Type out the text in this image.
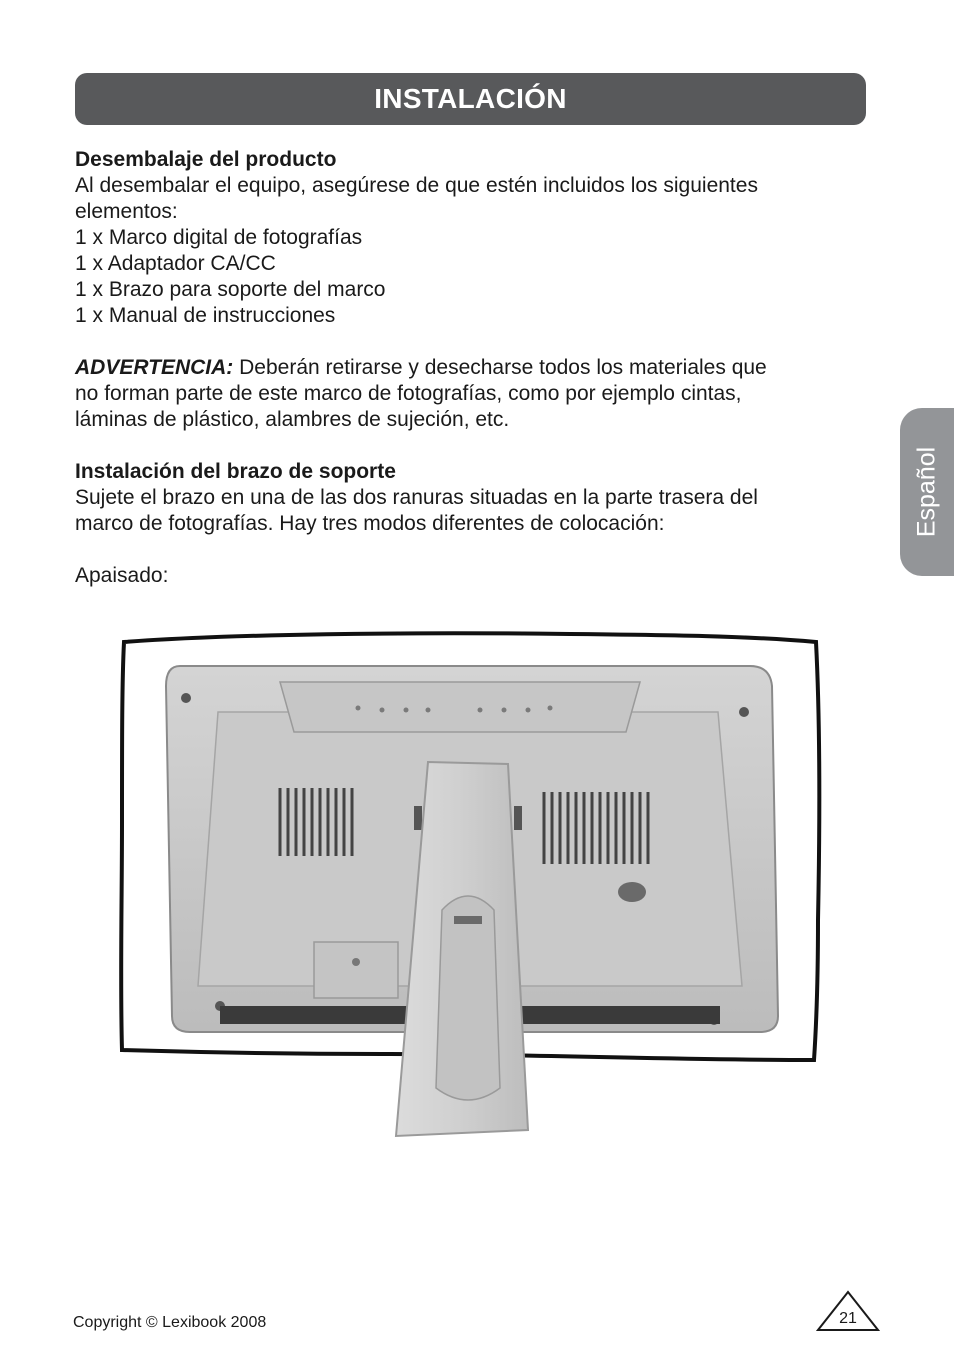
INSTALACIÓN

Desembalaje del producto

Al desembalar el equipo, asegúrese de que estén incluidos los siguientes

elementos:

1 x Marco digital de fotografías

1 x Adaptador CA/CC

1 x Brazo para soporte del marco

1 x Manual de instrucciones

ADVERTENCIA: Deberán retirarse y desecharse todos los materiales que

no forman parte de este marco de fotografías, como por ejemplo cintas,

láminas de plástico, alambres de sujeción, etc.

Instalación del brazo de soporte

Sujete el brazo en una de las dos ranuras situadas en la parte trasera del

marco de fotografías. Hay tres modos diferentes de colocación:

Apaisado:

Español
Copyright © Lexibook 2008	21
